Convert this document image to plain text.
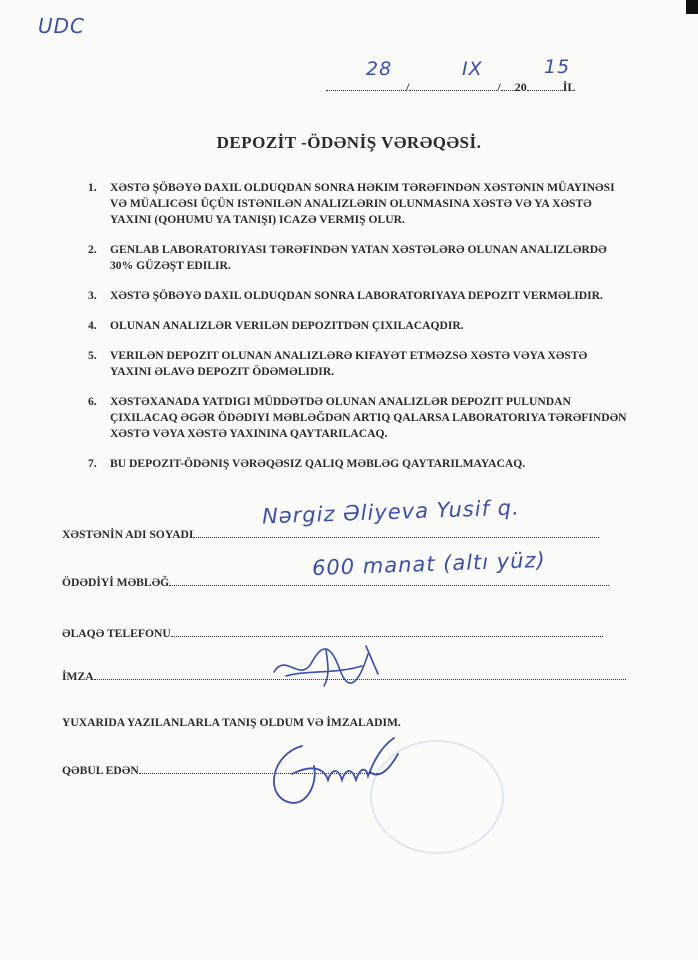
UDC
28	IX	15
/	/ 20	İL
DEPOZİT -ÖDƏNİŞ VƏRƏQƏSİ.
1. XƏSTƏ ŞÖBƏYƏ DAXIL OLDUQDAN SONRA HƏKIM TƏRƏFINDƏN XƏSTƏNIN MÜAYINƏSI VƏ MÜALICƏSI ÜÇÜN ISTƏNILƏN ANALIZLƏRIN OLUNMASINA XƏSTƏ VƏ YA XƏSTƏ YAXINI (QOHUMU YA TANIŞI) ICAZƏ VERMIŞ OLUR.
2. GENLAB LABORATORIYASI TƏRƏFINDƏN YATAN XƏSTƏLƏRƏ OLUNAN ANALIZLƏRDƏ 30% GÜZƏŞT EDILIR.
3. XƏSTƏ ŞÖBƏYƏ DAXIL OLDUQDAN SONRA LABORATORIYAYA DEPOZIT VERMƏLIDIR.
4. OLUNAN ANALIZLƏR VERILƏN DEPOZITDƏN ÇIXILACAQDIR.
5. VERILƏN DEPOZIT OLUNAN ANALIZLƏRƏ KIFAYƏT ETMƏZSƏ XƏSTƏ VƏYA XƏSTƏ YAXINI ƏLAVƏ DEPOZIT ÖDƏMƏLIDIR.
6. XƏSTƏXANADA YATDIGI MÜDDƏTDƏ OLUNAN ANALIZLƏR DEPOZIT PULUNDAN ÇIXILACAQ ƏGƏR ÖDƏDIYI MƏBLƏĞDƏN ARTIQ QALARSA LABORATORIYA TƏRƏFINDƏN XƏSTƏ VƏYA XƏSTƏ YAXININA QAYTARILACAQ.
7. BU DEPOZIT-ÖDƏNIŞ VƏRƏQƏSIZ QALIQ MƏBLƏG QAYTARILMAYACAQ.
XƏSTƏNİN ADI SOYADI
Nərgiz Əliyeva Yusif q.
ÖDƏDİYİ MƏBLƏĞ
600 manat (altı yüz)
ƏLAQƏ TELEFONU
İMZA
YUXARIDA YAZILANLARLA TANIŞ OLDUM VƏ İMZALADIM.
QƏBUL EDƏN
